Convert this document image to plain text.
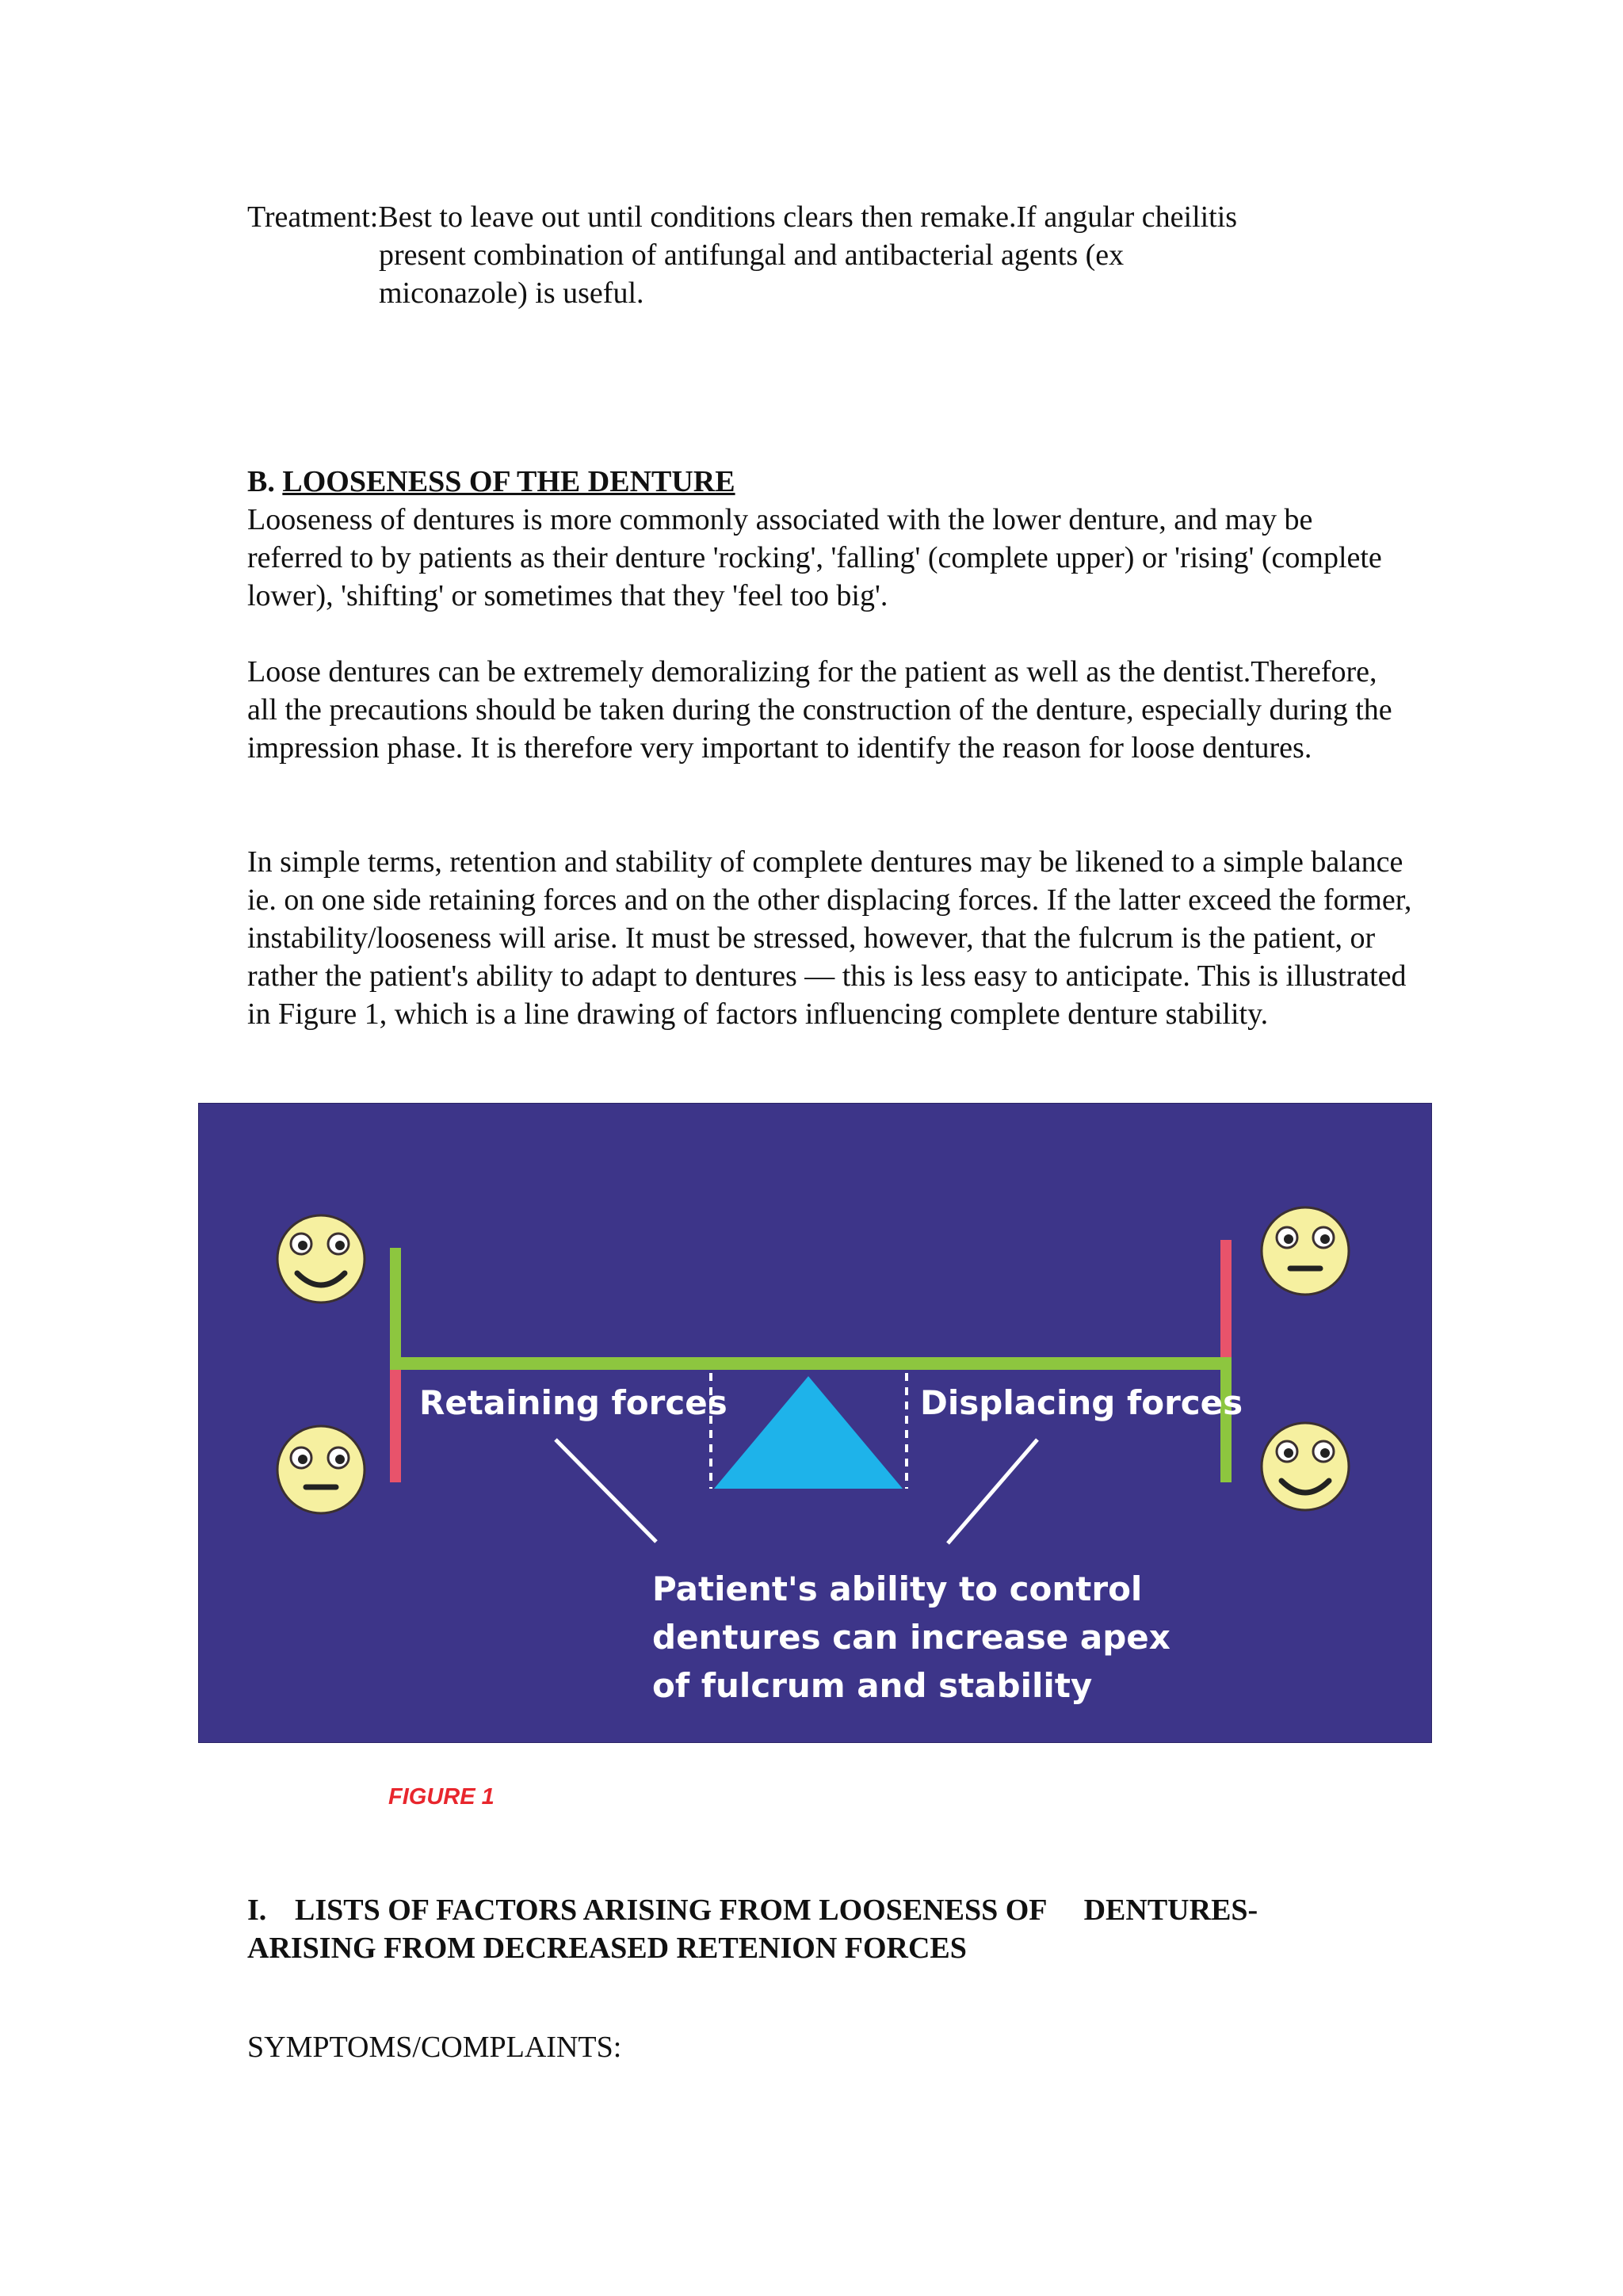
Treatment:Best to leave out until conditions clears then remake.If angular cheilitis
present combination of antifungal and antibacterial agents (ex
miconazole) is useful.
B. LOOSENESS OF THE DENTURE

Looseness of dentures is more commonly associated with the lower denture, and may be referred to by patients as their denture 'rocking', 'falling' (complete upper) or 'rising' (complete lower), 'shifting' or sometimes that they 'feel too big'.

Loose dentures can be extremely demoralizing for the patient as well as the dentist.Therefore, all the precautions should be taken during the construction of the denture, especially during the impression phase. It is therefore very important to identify the reason for loose dentures.

In simple terms, retention and stability of complete dentures may be likened to a simple balance ie. on one side retaining forces and on the other displacing forces. If the latter exceed the former, instability/looseness will arise. It must be stressed, however, that the fulcrum is the patient, or rather the patient's ability to adapt to dentures — this is less easy to anticipate. This is illustrated in Figure 1, which is a line drawing of factors influencing complete denture stability.

Retaining forces	Displacing forces
Patient's ability to control
dentures can increase apex
of fulcrum and stability
FIGURE 1
I. LISTS OF FACTORS ARISING FROM LOOSENESS OF     DENTURES-
ARISING FROM DECREASED RETENION FORCES
SYMPTOMS/COMPLAINTS:
